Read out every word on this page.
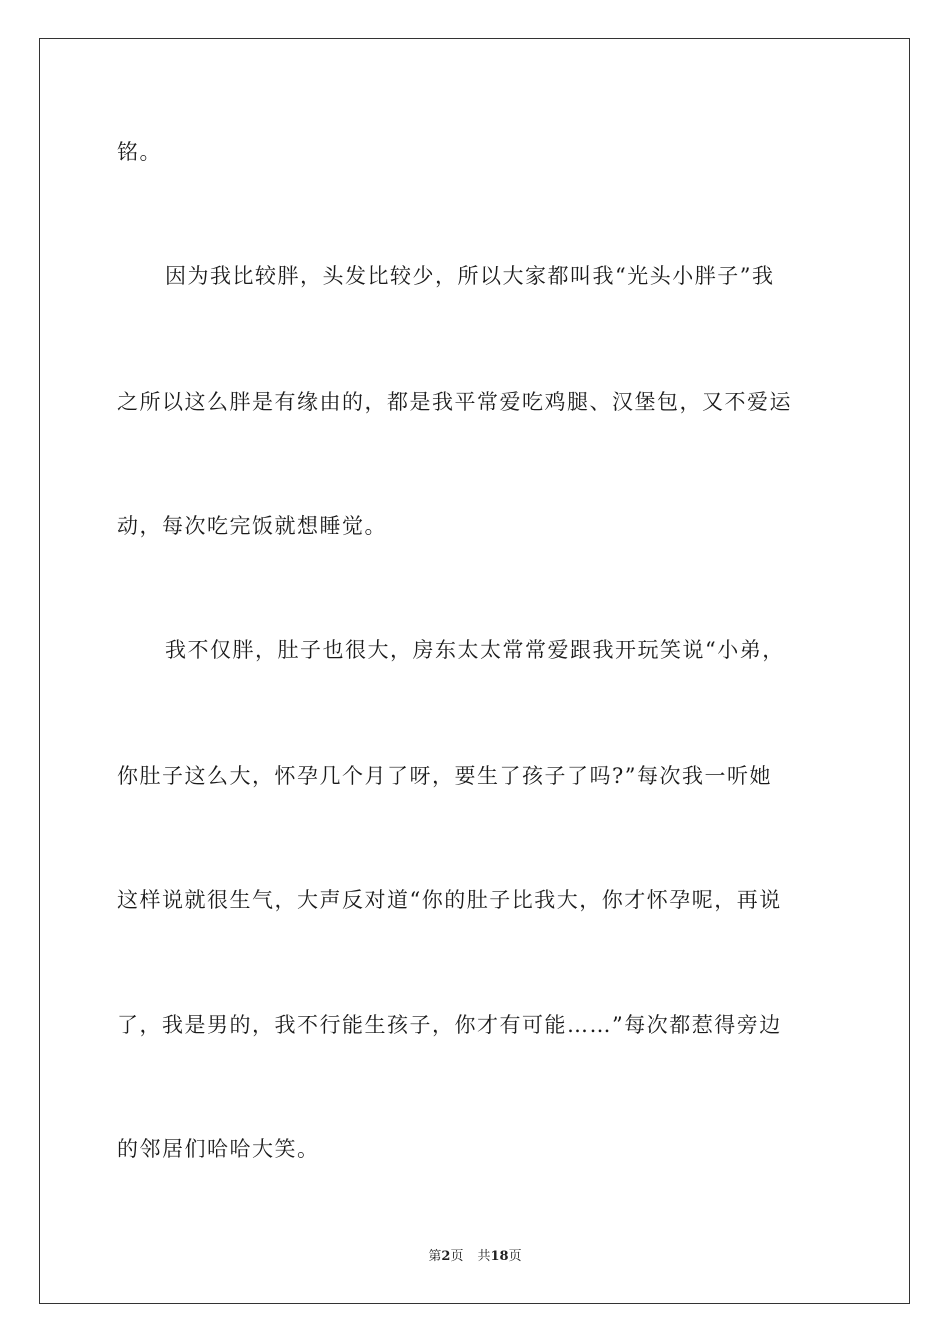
铭。
因为我比较胖，头发比较少，所以大家都叫我“光头小胖子”我
之所以这么胖是有缘由的，都是我平常爱吃鸡腿、汉堡包，又不爱运
动，每次吃完饭就想睡觉。
我不仅胖，肚子也很大，房东太太常常爱跟我开玩笑说“小弟，
你肚子这么大，怀孕几个月了呀，要生了孩子了吗?”每次我一听她
这样说就很生气，大声反对道“你的肚子比我大，你才怀孕呢，再说
了，我是男的，我不行能生孩子，你才有可能……”每次都惹得旁边
的邻居们哈哈大笑。
第2页 共18页
